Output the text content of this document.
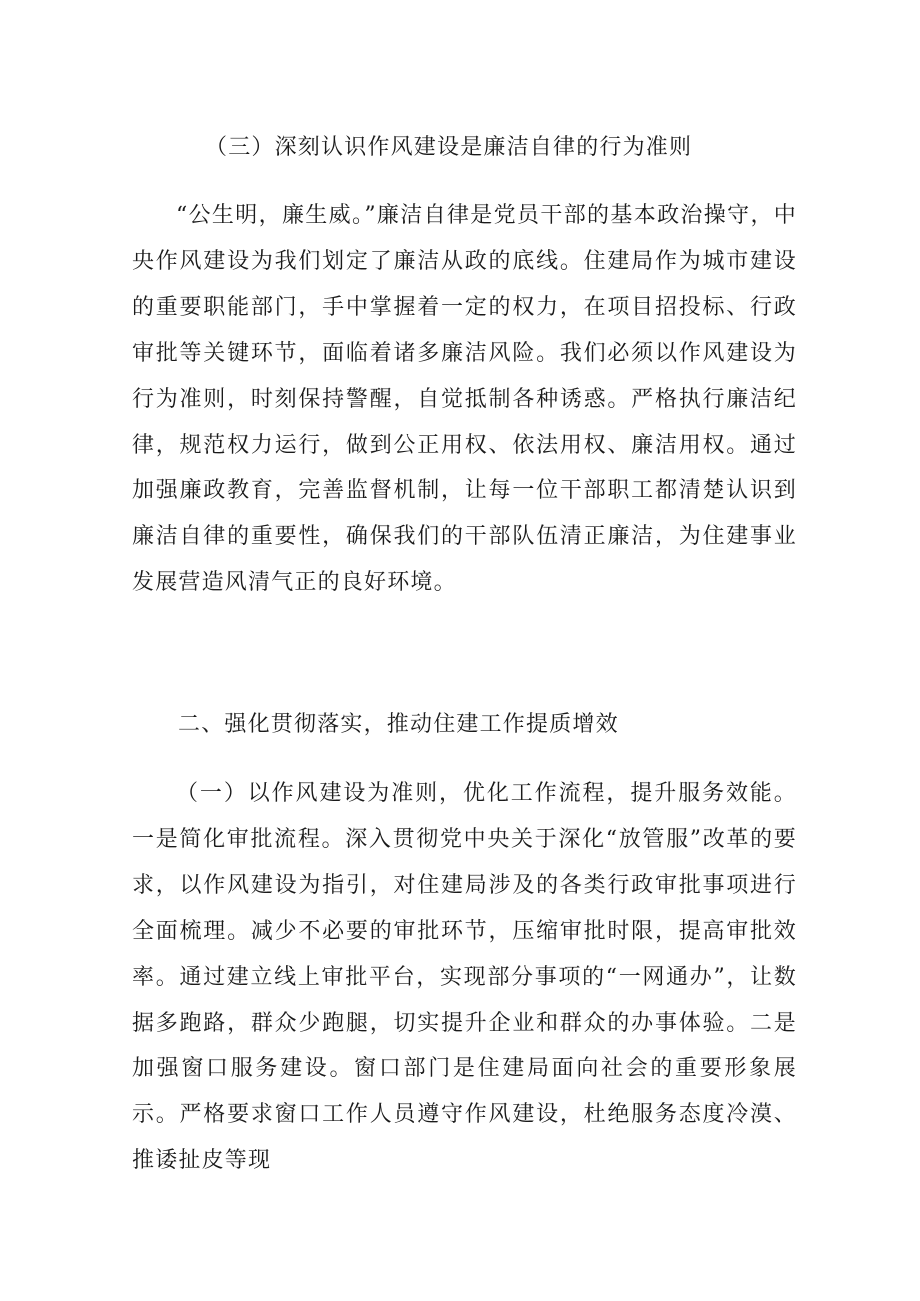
（三）深刻认识作风建设是廉洁自律的行为准则

“公生明，廉生威。”廉洁自律是党员干部的基本政治操守，中央作风建设为我们划定了廉洁从政的底线。住建局作为城市建设的重要职能部门，手中掌握着一定的权力，在项目招投标、行政审批等关键环节，面临着诸多廉洁风险。我们必须以作风建设为行为准则，时刻保持警醒，自觉抵制各种诱惑。严格执行廉洁纪律，规范权力运行，做到公正用权、依法用权、廉洁用权。通过加强廉政教育，完善监督机制，让每一位干部职工都清楚认识到廉洁自律的重要性，确保我们的干部队伍清正廉洁，为住建事业发展营造风清气正的良好环境。

二、强化贯彻落实，推动住建工作提质增效

（一）以作风建设为准则，优化工作流程，提升服务效能。一是简化审批流程。深入贯彻党中央关于深化“放管服”改革的要求，以作风建设为指引，对住建局涉及的各类行政审批事项进行全面梳理。减少不必要的审批环节，压缩审批时限，提高审批效率。通过建立线上审批平台，实现部分事项的“一网通办”，让数据多跑路，群众少跑腿，切实提升企业和群众的办事体验。二是加强窗口服务建设。窗口部门是住建局面向社会的重要形象展示。严格要求窗口工作人员遵守作风建设，杜绝服务态度冷漠、推诿扯皮等现
